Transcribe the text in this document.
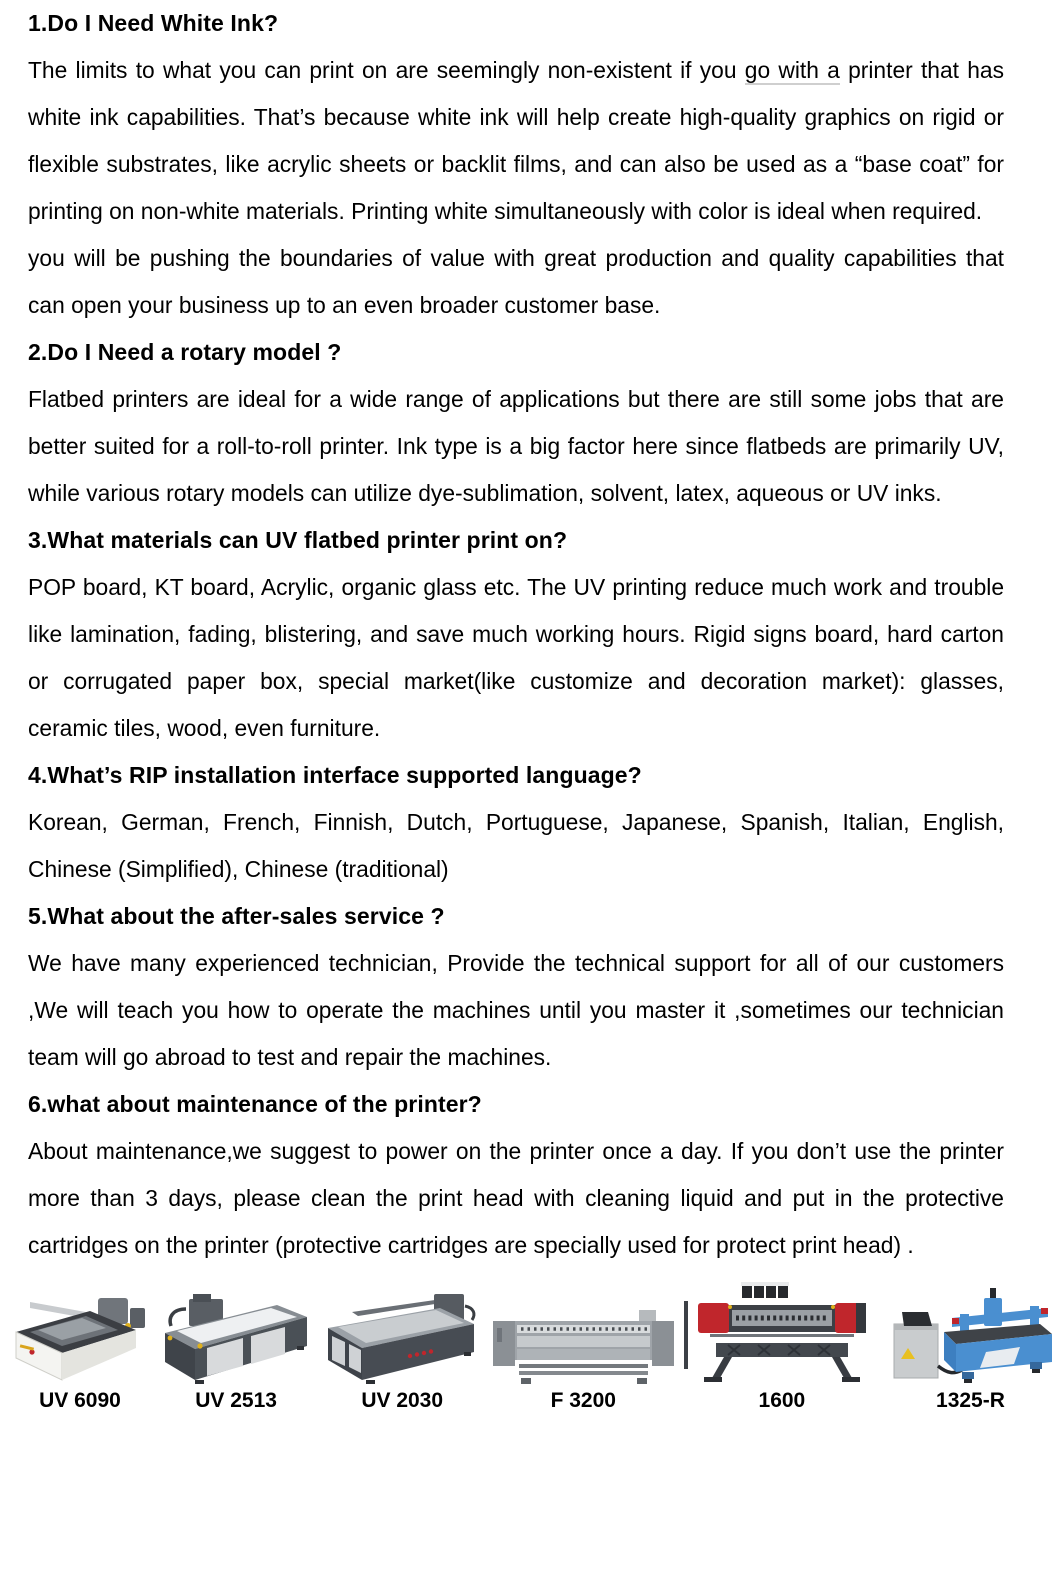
1.Do I Need White Ink?

The limits to what you can print on are seemingly non-existent if you go with a printer that has white ink capabilities. That’s because white ink will help create high-quality graphics on rigid or flexible substrates, like acrylic sheets or backlit films, and can also be used as a “base coat” for printing on non-white materials. Printing white simultaneously with color is ideal when required.

you will be pushing the boundaries of value with great production and quality capabilities that can open your business up to an even broader customer base.

2.Do I Need a rotary model ?

Flatbed printers are ideal for a wide range of applications but there are still some jobs that are better suited for a roll-to-roll printer. Ink type is a big factor here since flatbeds are primarily UV, while various rotary models can utilize dye-sublimation, solvent, latex, aqueous or UV inks.

3.What materials can UV flatbed printer print on?

POP board, KT board, Acrylic, organic glass etc. The UV printing reduce much work and trouble like lamination, fading, blistering, and save much working hours. Rigid signs board, hard carton or corrugated paper box, special market(like customize and decoration market): glasses, ceramic tiles, wood, even furniture.

4.What’s RIP installation interface supported language?

Korean, German, French, Finnish, Dutch, Portuguese, Japanese, Spanish, Italian, English, Chinese (Simplified), Chinese (traditional)

5.What about the after-sales service ?

We have many experienced technician, Provide the technical support for all of our customers ,We will teach you how to operate the machines until you master it ,sometimes our technician team will go abroad to test and repair the machines.

6.what about maintenance of the printer?

About maintenance,we suggest to power on the printer once a day. If you don’t use the printer more than 3 days, please clean the print head with cleaning liquid and put in the protective cartridges on the printer (protective cartridges are specially used for protect print head) .

UV 6090	UV 2513	UV 2030	F 3200	1600	1325-R
